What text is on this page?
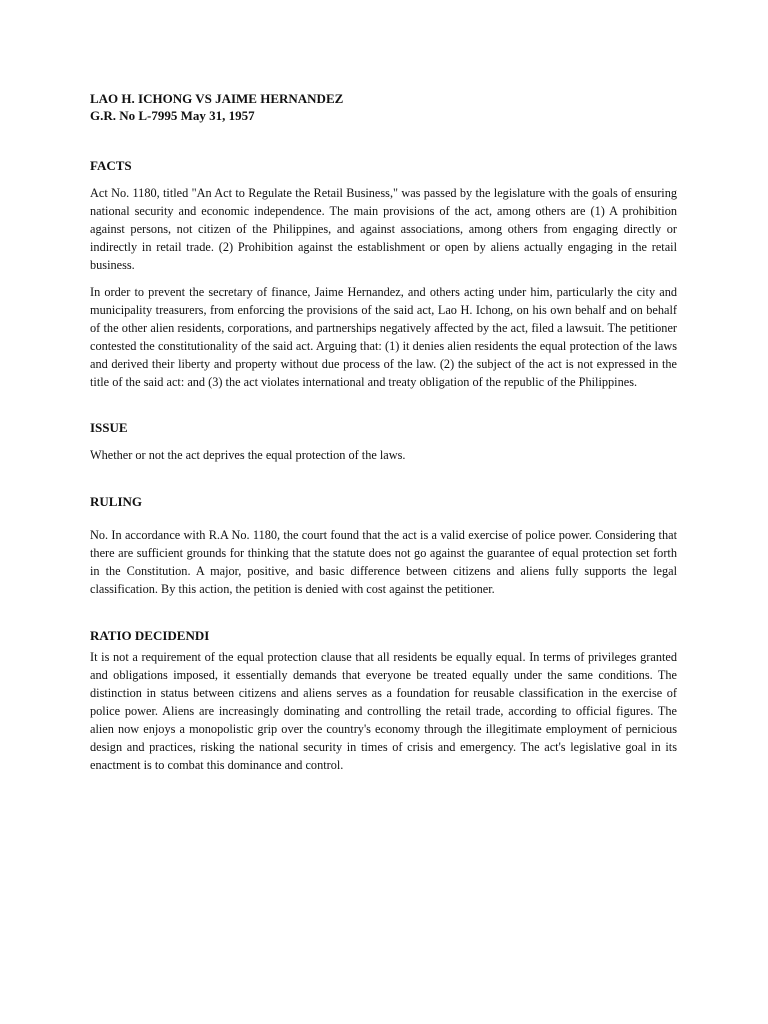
LAO H. ICHONG VS JAIME HERNANDEZ

G.R. No L-7995 May 31, 1957

FACTS

Act No. 1180, titled "An Act to Regulate the Retail Business," was passed by the legislature with the goals of ensuring national security and economic independence. The main provisions of the act, among others are (1) A prohibition against persons, not citizen of the Philippines, and against associations, among others from engaging directly or indirectly in retail trade. (2) Prohibition against the establishment or open by aliens actually engaging in the retail business.

In order to prevent the secretary of finance, Jaime Hernandez, and others acting under him, particularly the city and municipality treasurers, from enforcing the provisions of the said act, Lao H. Ichong, on his own behalf and on behalf of the other alien residents, corporations, and partnerships negatively affected by the act, filed a lawsuit. The petitioner contested the constitutionality of the said act. Arguing that: (1) it denies alien residents the equal protection of the laws and derived their liberty and property without due process of the law. (2) the subject of the act is not expressed in the title of the said act: and (3) the act violates international and treaty obligation of the republic of the Philippines.

ISSUE

Whether or not the act deprives the equal protection of the laws.

RULING

No. In accordance with R.A No. 1180, the court found that the act is a valid exercise of police power. Considering that there are sufficient grounds for thinking that the statute does not go against the guarantee of equal protection set forth in the Constitution. A major, positive, and basic difference between citizens and aliens fully supports the legal classification. By this action, the petition is denied with cost against the petitioner.

RATIO DECIDENDI

It is not a requirement of the equal protection clause that all residents be equally equal. In terms of privileges granted and obligations imposed, it essentially demands that everyone be treated equally under the same conditions. The distinction in status between citizens and aliens serves as a foundation for reusable classification in the exercise of police power. Aliens are increasingly dominating and controlling the retail trade, according to official figures. The alien now enjoys a monopolistic grip over the country's economy through the illegitimate employment of pernicious design and practices, risking the national security in times of crisis and emergency. The act's legislative goal in its enactment is to combat this dominance and control.
